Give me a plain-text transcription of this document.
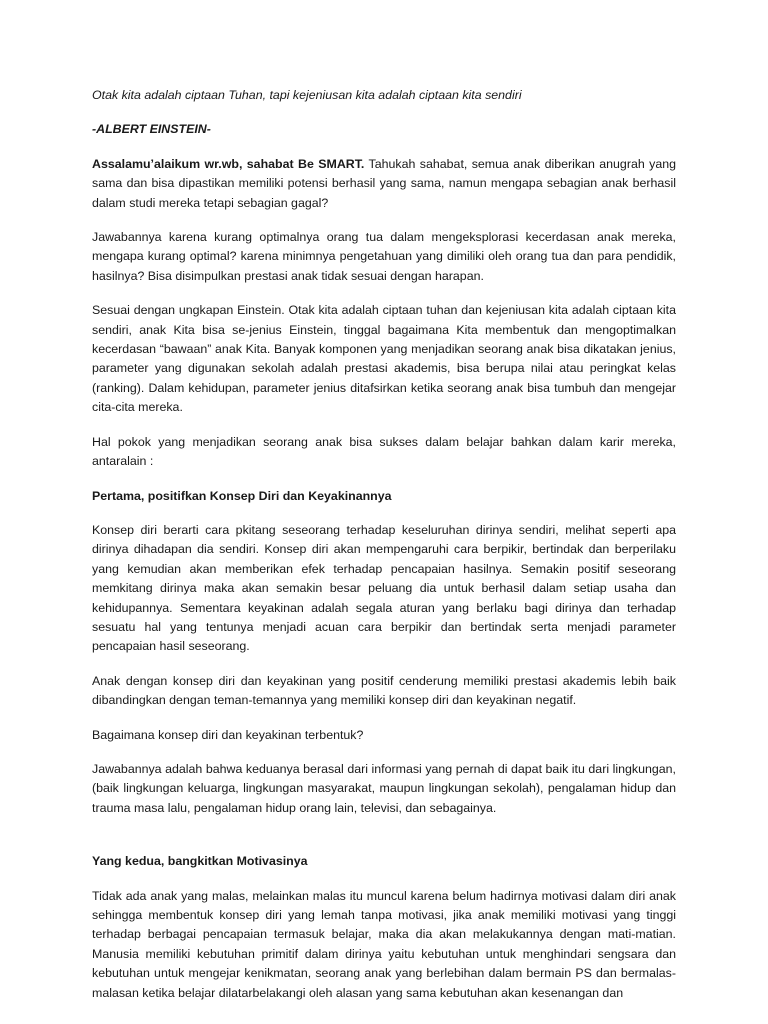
Otak kita adalah ciptaan Tuhan, tapi kejeniusan kita adalah ciptaan kita sendiri

-ALBERT EINSTEIN-

Assalamu’alaikum wr.wb, sahabat Be SMART. Tahukah sahabat, semua anak diberikan anugrah yang sama dan bisa dipastikan memiliki potensi berhasil yang sama, namun mengapa sebagian anak berhasil dalam studi mereka tetapi sebagian gagal?

Jawabannya karena kurang optimalnya orang tua dalam mengeksplorasi kecerdasan anak mereka, mengapa kurang optimal? karena minimnya pengetahuan yang dimiliki oleh orang tua dan para pendidik, hasilnya? Bisa disimpulkan prestasi anak tidak sesuai dengan harapan.

Sesuai dengan ungkapan Einstein. Otak kita adalah ciptaan tuhan dan kejeniusan kita adalah ciptaan kita sendiri, anak Kita bisa se-jenius Einstein, tinggal bagaimana Kita membentuk dan mengoptimalkan kecerdasan “bawaan” anak Kita. Banyak komponen yang menjadikan seorang anak bisa dikatakan jenius, parameter yang digunakan sekolah adalah prestasi akademis, bisa berupa nilai atau peringkat kelas (ranking). Dalam kehidupan, parameter jenius ditafsirkan ketika seorang anak bisa tumbuh dan mengejar cita-cita mereka.

Hal pokok yang menjadikan seorang anak bisa sukses dalam belajar bahkan dalam karir mereka, antaralain :

Pertama, positifkan Konsep Diri dan Keyakinannya

Konsep diri berarti cara pkitang seseorang terhadap keseluruhan dirinya sendiri, melihat seperti apa dirinya dihadapan dia sendiri. Konsep diri akan mempengaruhi cara berpikir, bertindak dan berperilaku yang kemudian akan memberikan efek terhadap pencapaian hasilnya. Semakin positif seseorang memkitang dirinya maka akan semakin besar peluang dia untuk berhasil dalam setiap usaha dan kehidupannya. Sementara keyakinan adalah segala aturan yang berlaku bagi dirinya dan terhadap sesuatu hal yang tentunya menjadi acuan cara berpikir dan bertindak serta menjadi parameter pencapaian hasil seseorang.

Anak dengan konsep diri dan keyakinan yang positif cenderung memiliki prestasi akademis lebih baik dibandingkan dengan teman-temannya yang memiliki konsep diri dan keyakinan negatif.

Bagaimana konsep diri dan keyakinan terbentuk?

Jawabannya adalah bahwa keduanya berasal dari informasi yang pernah di dapat baik itu dari lingkungan, (baik lingkungan keluarga, lingkungan masyarakat, maupun lingkungan sekolah), pengalaman hidup dan trauma masa lalu, pengalaman hidup orang lain, televisi, dan sebagainya.

Yang kedua, bangkitkan Motivasinya

Tidak ada anak yang malas, melainkan malas itu muncul karena belum hadirnya motivasi dalam diri anak sehingga membentuk konsep diri yang lemah tanpa motivasi, jika anak memiliki motivasi yang tinggi terhadap berbagai pencapaian termasuk belajar, maka dia akan melakukannya dengan mati-matian. Manusia memiliki kebutuhan primitif dalam dirinya yaitu kebutuhan untuk menghindari sengsara dan kebutuhan untuk mengejar kenikmatan, seorang anak yang berlebihan dalam bermain PS dan bermalas-malasan ketika belajar dilatarbelakangi oleh alasan yang sama kebutuhan akan kesenangan dan
